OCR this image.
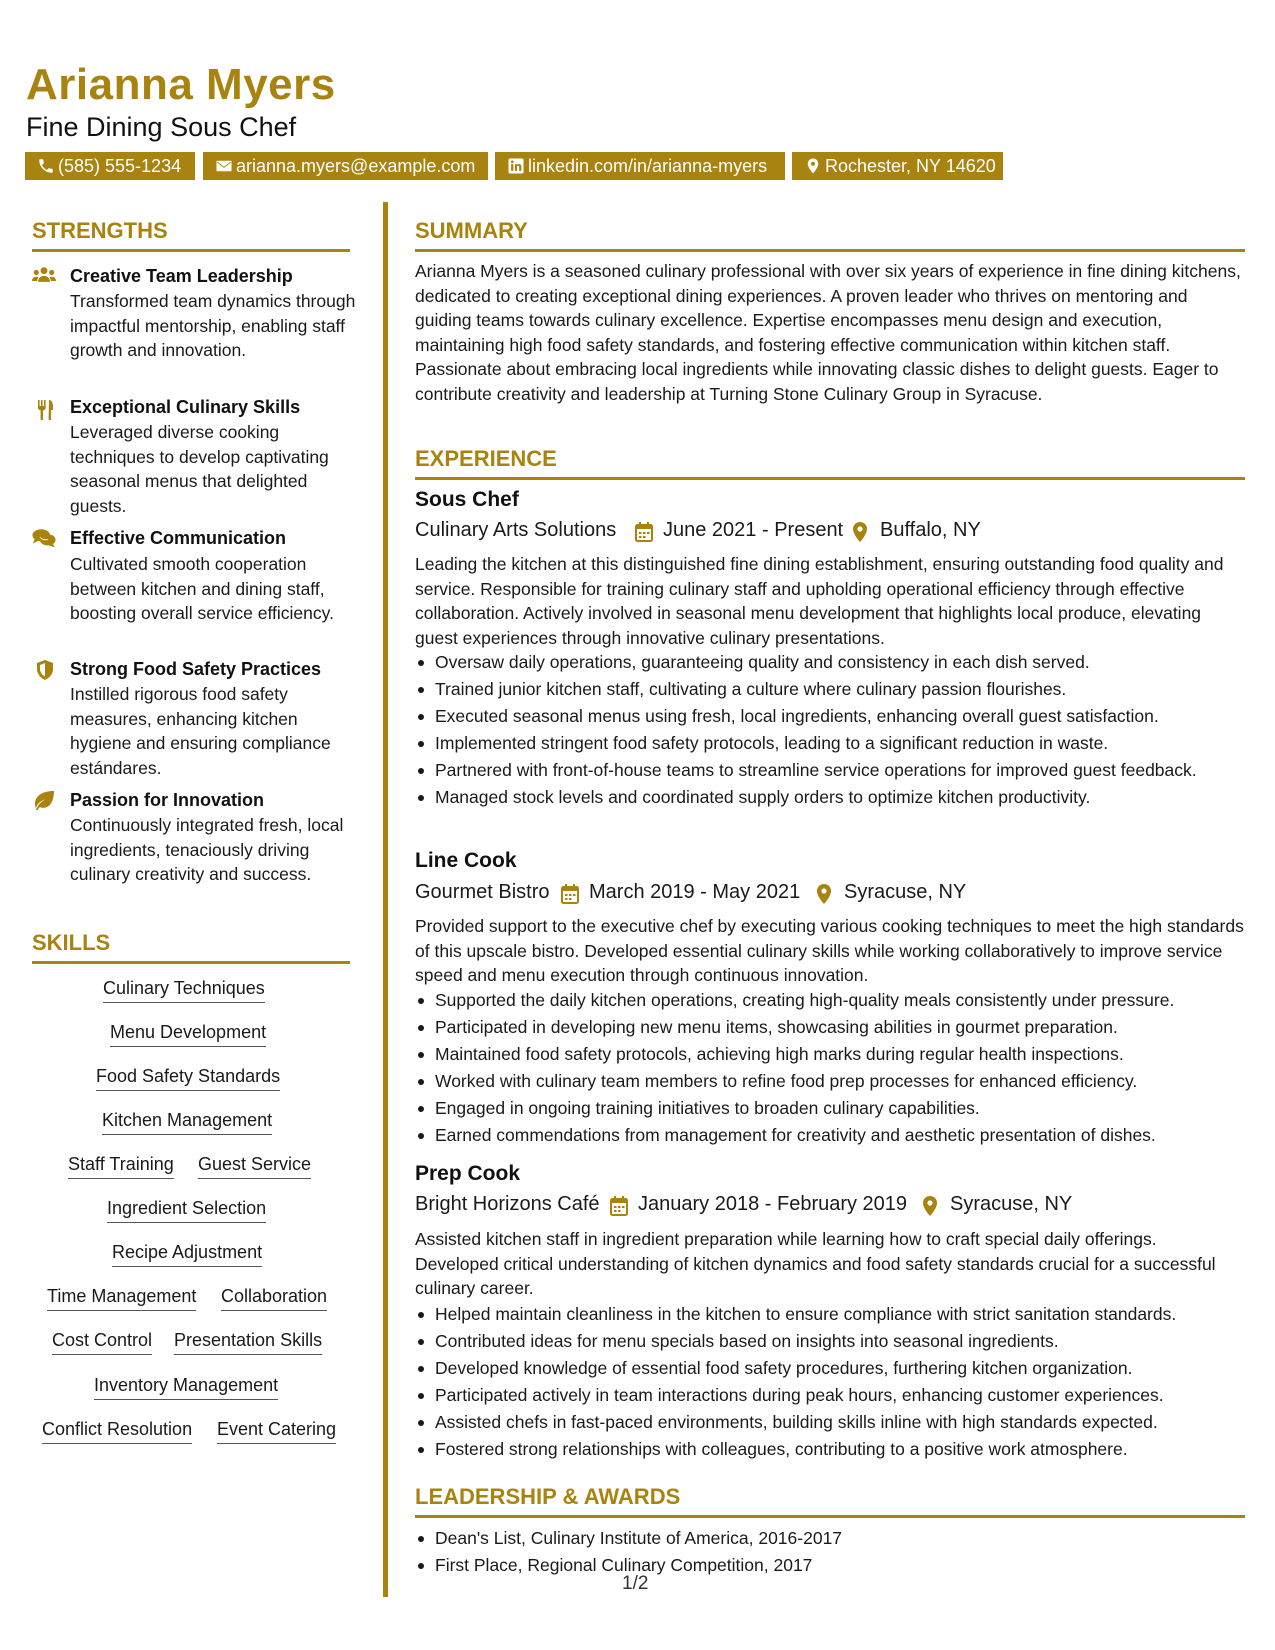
Arianna Myers
Fine Dining Sous Chef
(585) 555-1234	arianna.myers@example.com	linkedin.com/in/arianna-myers	Rochester, NY 14620
STRENGTHS
Creative Team Leadership
Transformed team dynamics through impactful mentorship, enabling staff growth and innovation.
Exceptional Culinary Skills
Leveraged diverse cooking techniques to develop captivating seasonal menus that delighted guests.
Effective Communication
Cultivated smooth cooperation between kitchen and dining staff, boosting overall service efficiency.
Strong Food Safety Practices
Instilled rigorous food safety measures, enhancing kitchen hygiene and ensuring compliance estándares.
Passion for Innovation
Continuously integrated fresh, local ingredients, tenaciously driving culinary creativity and success.
SKILLS
Culinary Techniques
Menu Development
Food Safety Standards
Kitchen Management
Staff Training Guest Service
Ingredient Selection
Recipe Adjustment
Time Management Collaboration
Cost Control Presentation Skills
Inventory Management
Conflict Resolution Event Catering
SUMMARY
Arianna Myers is a seasoned culinary professional with over six years of experience in fine dining kitchens, dedicated to creating exceptional dining experiences. A proven leader who thrives on mentoring and guiding teams towards culinary excellence. Expertise encompasses menu design and execution, maintaining high food safety standards, and fostering effective communication within kitchen staff. Passionate about embracing local ingredients while innovating classic dishes to delight guests. Eager to contribute creativity and leadership at Turning Stone Culinary Group in Syracuse.
EXPERIENCE
Sous Chef
Culinary Arts Solutions June 2021 - Present Buffalo, NY
Leading the kitchen at this distinguished fine dining establishment, ensuring outstanding food quality and service. Responsible for training culinary staff and upholding operational efficiency through effective collaboration. Actively involved in seasonal menu development that highlights local produce, elevating guest experiences through innovative culinary presentations.
Oversaw daily operations, guaranteeing quality and consistency in each dish served.
Trained junior kitchen staff, cultivating a culture where culinary passion flourishes.
Executed seasonal menus using fresh, local ingredients, enhancing overall guest satisfaction.
Implemented stringent food safety protocols, leading to a significant reduction in waste.
Partnered with front-of-house teams to streamline service operations for improved guest feedback.
Managed stock levels and coordinated supply orders to optimize kitchen productivity.
Line Cook
Gourmet Bistro March 2019 - May 2021 Syracuse, NY
Provided support to the executive chef by executing various cooking techniques to meet the high standards of this upscale bistro. Developed essential culinary skills while working collaboratively to improve service speed and menu execution through continuous innovation.
Supported the daily kitchen operations, creating high-quality meals consistently under pressure.
Participated in developing new menu items, showcasing abilities in gourmet preparation.
Maintained food safety protocols, achieving high marks during regular health inspections.
Worked with culinary team members to refine food prep processes for enhanced efficiency.
Engaged in ongoing training initiatives to broaden culinary capabilities.
Earned commendations from management for creativity and aesthetic presentation of dishes.
Prep Cook
Bright Horizons Café January 2018 - February 2019 Syracuse, NY
Assisted kitchen staff in ingredient preparation while learning how to craft special daily offerings. Developed critical understanding of kitchen dynamics and food safety standards crucial for a successful culinary career.
Helped maintain cleanliness in the kitchen to ensure compliance with strict sanitation standards.
Contributed ideas for menu specials based on insights into seasonal ingredients.
Developed knowledge of essential food safety procedures, furthering kitchen organization.
Participated actively in team interactions during peak hours, enhancing customer experiences.
Assisted chefs in fast-paced environments, building skills inline with high standards expected.
Fostered strong relationships with colleagues, contributing to a positive work atmosphere.
LEADERSHIP & AWARDS
Dean's List, Culinary Institute of America, 2016-2017
First Place, Regional Culinary Competition, 2017
1/2
